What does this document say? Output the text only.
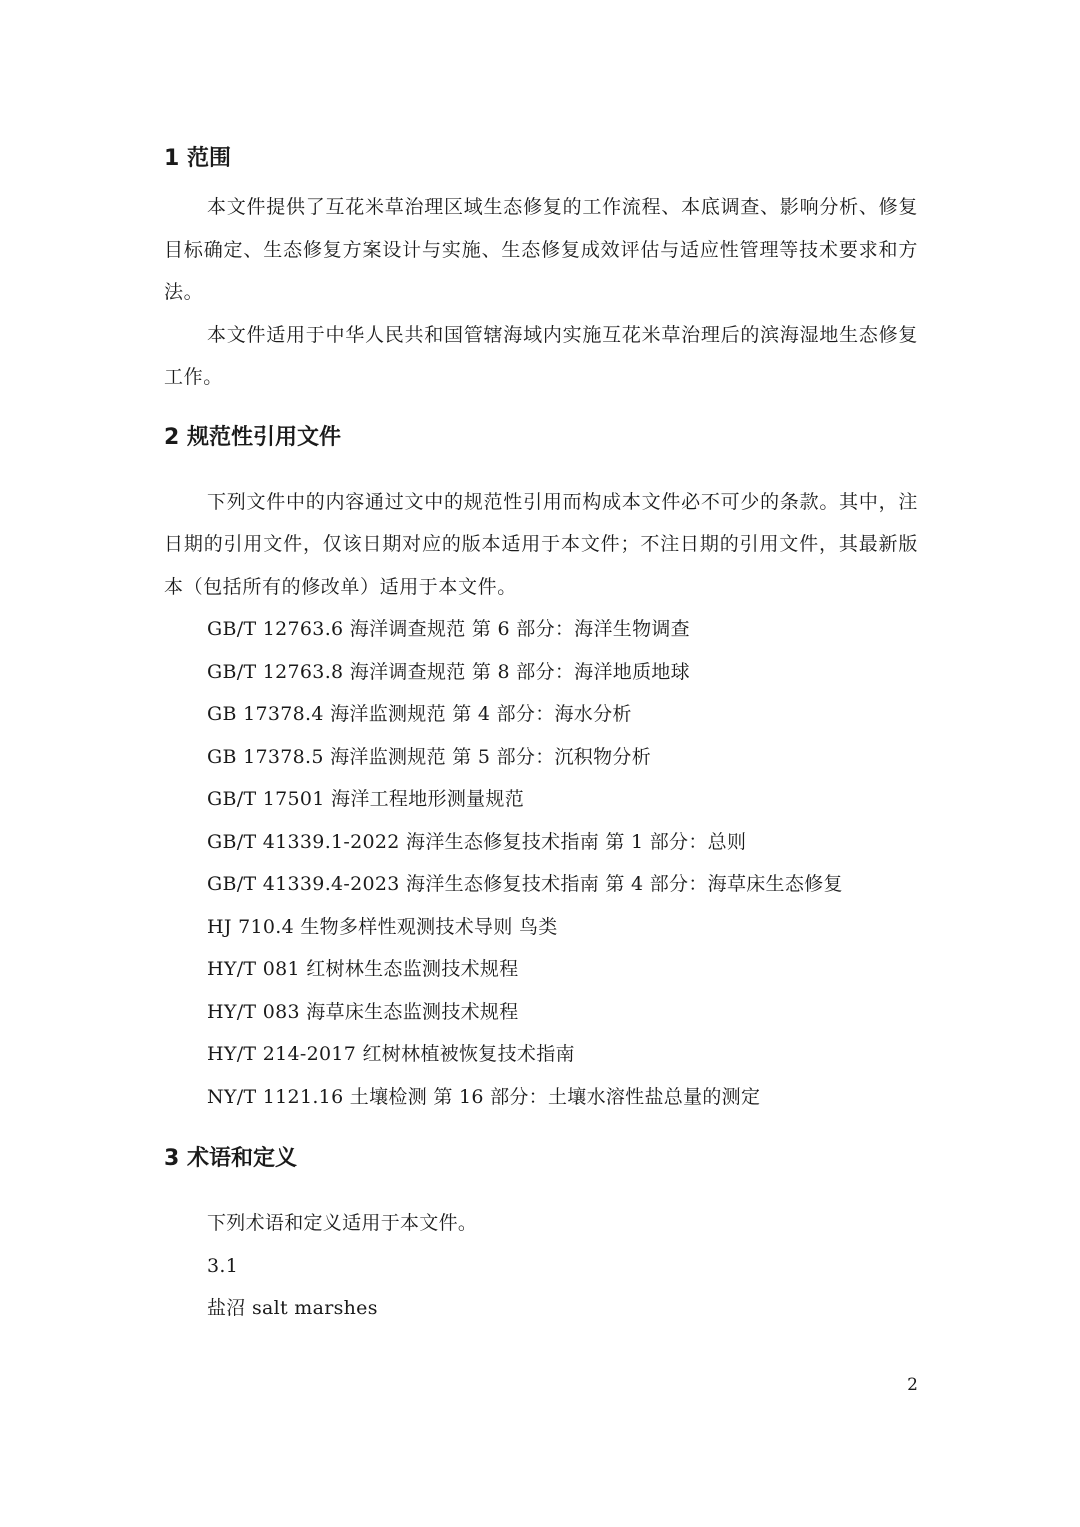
1 范围

本文件提供了互花米草治理区域生态修复的工作流程、本底调查、影响分析、修复目标确定、生态修复方案设计与实施、生态修复成效评估与适应性管理等技术要求和方法。

本文件适用于中华人民共和国管辖海域内实施互花米草治理后的滨海湿地生态修复工作。

2 规范性引用文件

下列文件中的内容通过文中的规范性引用而构成本文件必不可少的条款。其中，注日期的引用文件，仅该日期对应的版本适用于本文件；不注日期的引用文件，其最新版本（包括所有的修改单）适用于本文件。

GB/T 12763.6 海洋调查规范 第 6 部分：海洋生物调查

GB/T 12763.8 海洋调查规范 第 8 部分：海洋地质地球

GB 17378.4 海洋监测规范 第 4 部分：海水分析

GB 17378.5 海洋监测规范 第 5 部分：沉积物分析

GB/T 17501 海洋工程地形测量规范

GB/T 41339.1-2022 海洋生态修复技术指南 第 1 部分：总则

GB/T 41339.4-2023 海洋生态修复技术指南 第 4 部分：海草床生态修复

HJ 710.4 生物多样性观测技术导则 鸟类

HY/T 081 红树林生态监测技术规程

HY/T 083 海草床生态监测技术规程

HY/T 214-2017 红树林植被恢复技术指南

NY/T 1121.16 土壤检测 第 16 部分：土壤水溶性盐总量的测定

3 术语和定义

下列术语和定义适用于本文件。

3.1

盐沼 salt marshes

2
